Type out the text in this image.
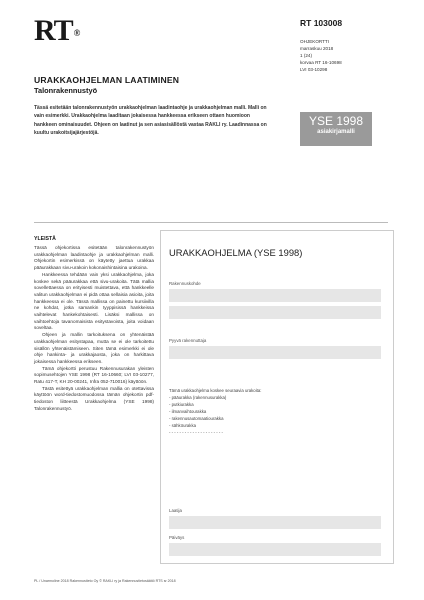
RT®
RT 103008
OHJEKORTTI
marraskuu 2018
1 (24)
korvaa RT 16-10698
LVI 03-10298
URAKKAOHJELMAN LAATIMINEN
Talonrakennustyö
Tässä esitetään talonrakennustyön urakkaohjelman laadintaohje ja urakkaohjelman malli. Malli on vain esimerkki. Urakkaohjelma laaditaan jokaisessa hankkeessa erikseen ottaen huomioon hankkeen ominaisuudet. Ohjeen on laatinut ja sen asiasisällöstä vastaa RAKLI ry. Laadinnassa on kuultu urakoitsijajärjestöjä.
YSE 1998
asiakirjamalli
YLEISTÄ

Tässä ohjekortissa esitetään talonrakennustyön urakkaohjelman laadintaohje ja urakkaohjelman malli. Ohjekortin esimerkissä on käytetty jaettua urakkaa pääurakkaan sivu-urakoin kokonaishintaisina urakoina.

Hankkeessa tehdään vain yksi urakkaohjelma, joka koskee sekä pääurakkaa että sivu-urakoita. Tätä mallia sovellettaessa on erityisesti muistettava, että hankkeelle valitun urakkaohjelman ei pidä ottaa sellaisia asioita, joita hankkeessa ei ole. Tässä mallissa on painettu kursiivilla ne kohdat, jotka samankin tyyppisissä hankkeissa vaihtelevat hankekohtaisesti. Lisäksi mallissa on vaihtoehtoja tavanomaisista esitystavoista, joita voidaan soveltaa.

Ohjeen ja mallin tarkoituksena on yhtenäistää urakkaohjelman esitystapaa, mutta se ei ole tarkoitettu sisällön yhtenäistämiseen. Siten tämä esimerkki ei ole ohje hankinta- ja urakkajaosta, joka on harkittava jokaisessa hankkeessa erikseen.

Tämä ohjekortti perustuu Rakennusurakan yleisten sopimusehtojen YSE 1998 (RT 16-10660; LVI 03-10277, Ratu 417-T, KH 20-00241, Infra 052-710016) käyttöön.

Tästä esitettyä urakkaohjelman mallia on otettavissa käyttöön word-tiedostomuodossa tämän ohjekortin pdf-tiedoston liitteestä Urakkaohjelma (YSE 1998) Talonrakennustyö.

URAKKAOHJELMA (YSE 1998)
Rakennuskohde
Pyyvä rakennuttaja
Tämä urakkaohjelma koskee seuraavia urakoita:
- pääurakka (rakennusurakka)
- putkiurakka
- ilmanvaihtourakka
- rakennusautomaatiourakka
- sähköurakka
- - - - - - - - - - - - - - - - - - - - -
Laatija
Päiväys
PL / Unarmoline 2018 Rakennustieto Oy © RAKLI ry ja Rakennustietosäätiö RTS sr 2018
